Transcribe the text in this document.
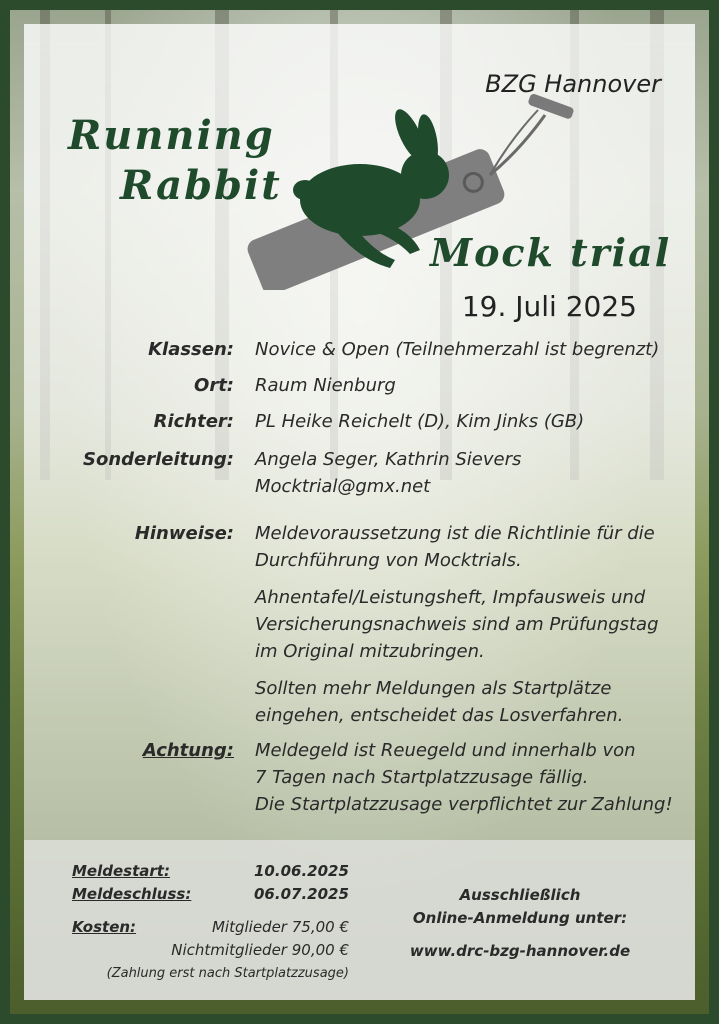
BZG Hannover
Running
Rabbit
Mock trial
19. Juli 2025
Klassen: Novice & Open (Teilnehmerzahl ist begrenzt)
Ort: Raum Nienburg
Richter: PL Heike Reichelt (D), Kim Jinks (GB)
Sonderleitung: Angela Seger, Kathrin Sievers
Mocktrial@gmx.net
Hinweise: Meldevoraussetzung ist die Richtlinie für die Durchführung von Mocktrials.

Ahnentafel/Leistungsheft, Impfausweis und Versicherungsnachweis sind am Prüfungstag im Original mitzubringen.

Sollten mehr Meldungen als Startplätze eingehen, entscheidet das Losverfahren.

Achtung: Meldegeld ist Reuegeld und innerhalb von
7 Tagen nach Startplatzzusage fällig.
Die Startplatzzusage verpflichtet zur Zahlung!
Meldestart:	10.06.2025
Meldeschluss:	06.07.2025
Kosten:	Mitglieder 75,00 €
Nichtmitglieder 90,00 €
(Zahlung erst nach Startplatzzusage)
Ausschließlich
Online-Anmeldung unter:
www.drc-bzg-hannover.de
